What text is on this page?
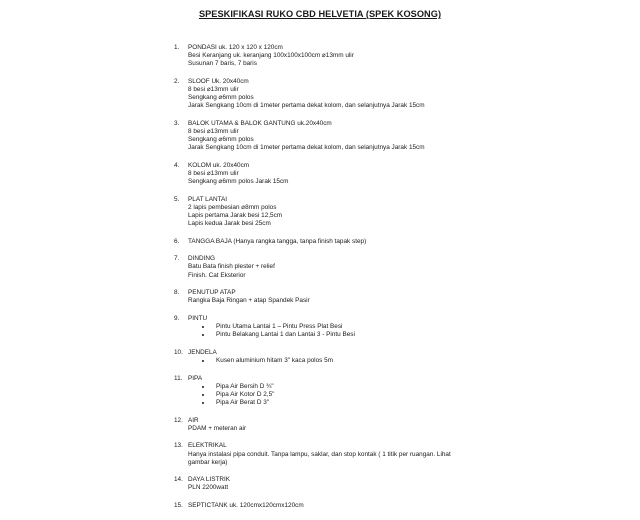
SPESKIFIKASI RUKO CBD HELVETIA (SPEK KOSONG)
1.	PONDASI uk. 120 x 120 x 120cm
Besi Keranjang uk. keranjang 100x100x100cm ⌀13mm ulir
Susunan 7 baris, 7 baris
2.	SLOOF Uk. 20x40cm
8 besi ⌀13mm ulir
Sengkang ⌀6mm polos
Jarak Sengkang 10cm di 1meter pertama dekat kolom, dan selanjutnya Jarak 15cm
3.	BALOK UTAMA & BALOK GANTUNG uk.20x40cm
8 besi ⌀13mm ulir
Sengkang ⌀6mm polos
Jarak Sengkang 10cm di 1meter pertama dekat kolom, dan selanjutnya Jarak 15cm
4.	KOLOM uk. 20x40cm
8 besi ⌀13mm ulir
Sengkang ⌀6mm polos Jarak 15cm
5.	PLAT LANTAI
2 lapis pembesian ⌀8mm polos
Lapis pertama Jarak besi 12,5cm
Lapis kedua Jarak besi 25cm
6.	TANGGA BAJA (Hanya rangka tangga, tanpa finish tapak step)
7.	DINDING
Batu Bata finish plester + relief
Finish. Cat Eksterior
8.	PENUTUP ATAP
Rangka Baja Ringan + atap Spandek Pasir
9.	PINTU
Pintu Utama Lantai 1 – Pintu Press Plat Besi
Pintu Belakang Lantai 1 dan Lantai 3 - Pintu Besi
10. JENDELA
Kusen aluminium hitam 3" kaca polos 5m
11. PIPA
Pipa Air Bersih D ¾"
Pipa Air Kotor D 2,5"
Pipa Air Berat D 3"
12. AIR
PDAM + meteran air
13. ELEKTRIKAL
Hanya instalasi pipa conduit. Tanpa lampu, saklar, dan stop kontak ( 1 titik per ruangan. Lihat
gambar kerja)
14. DAYA LISTRIK
PLN 2200watt
15. SEPTICTANK uk. 120cmx120cmx120cm
